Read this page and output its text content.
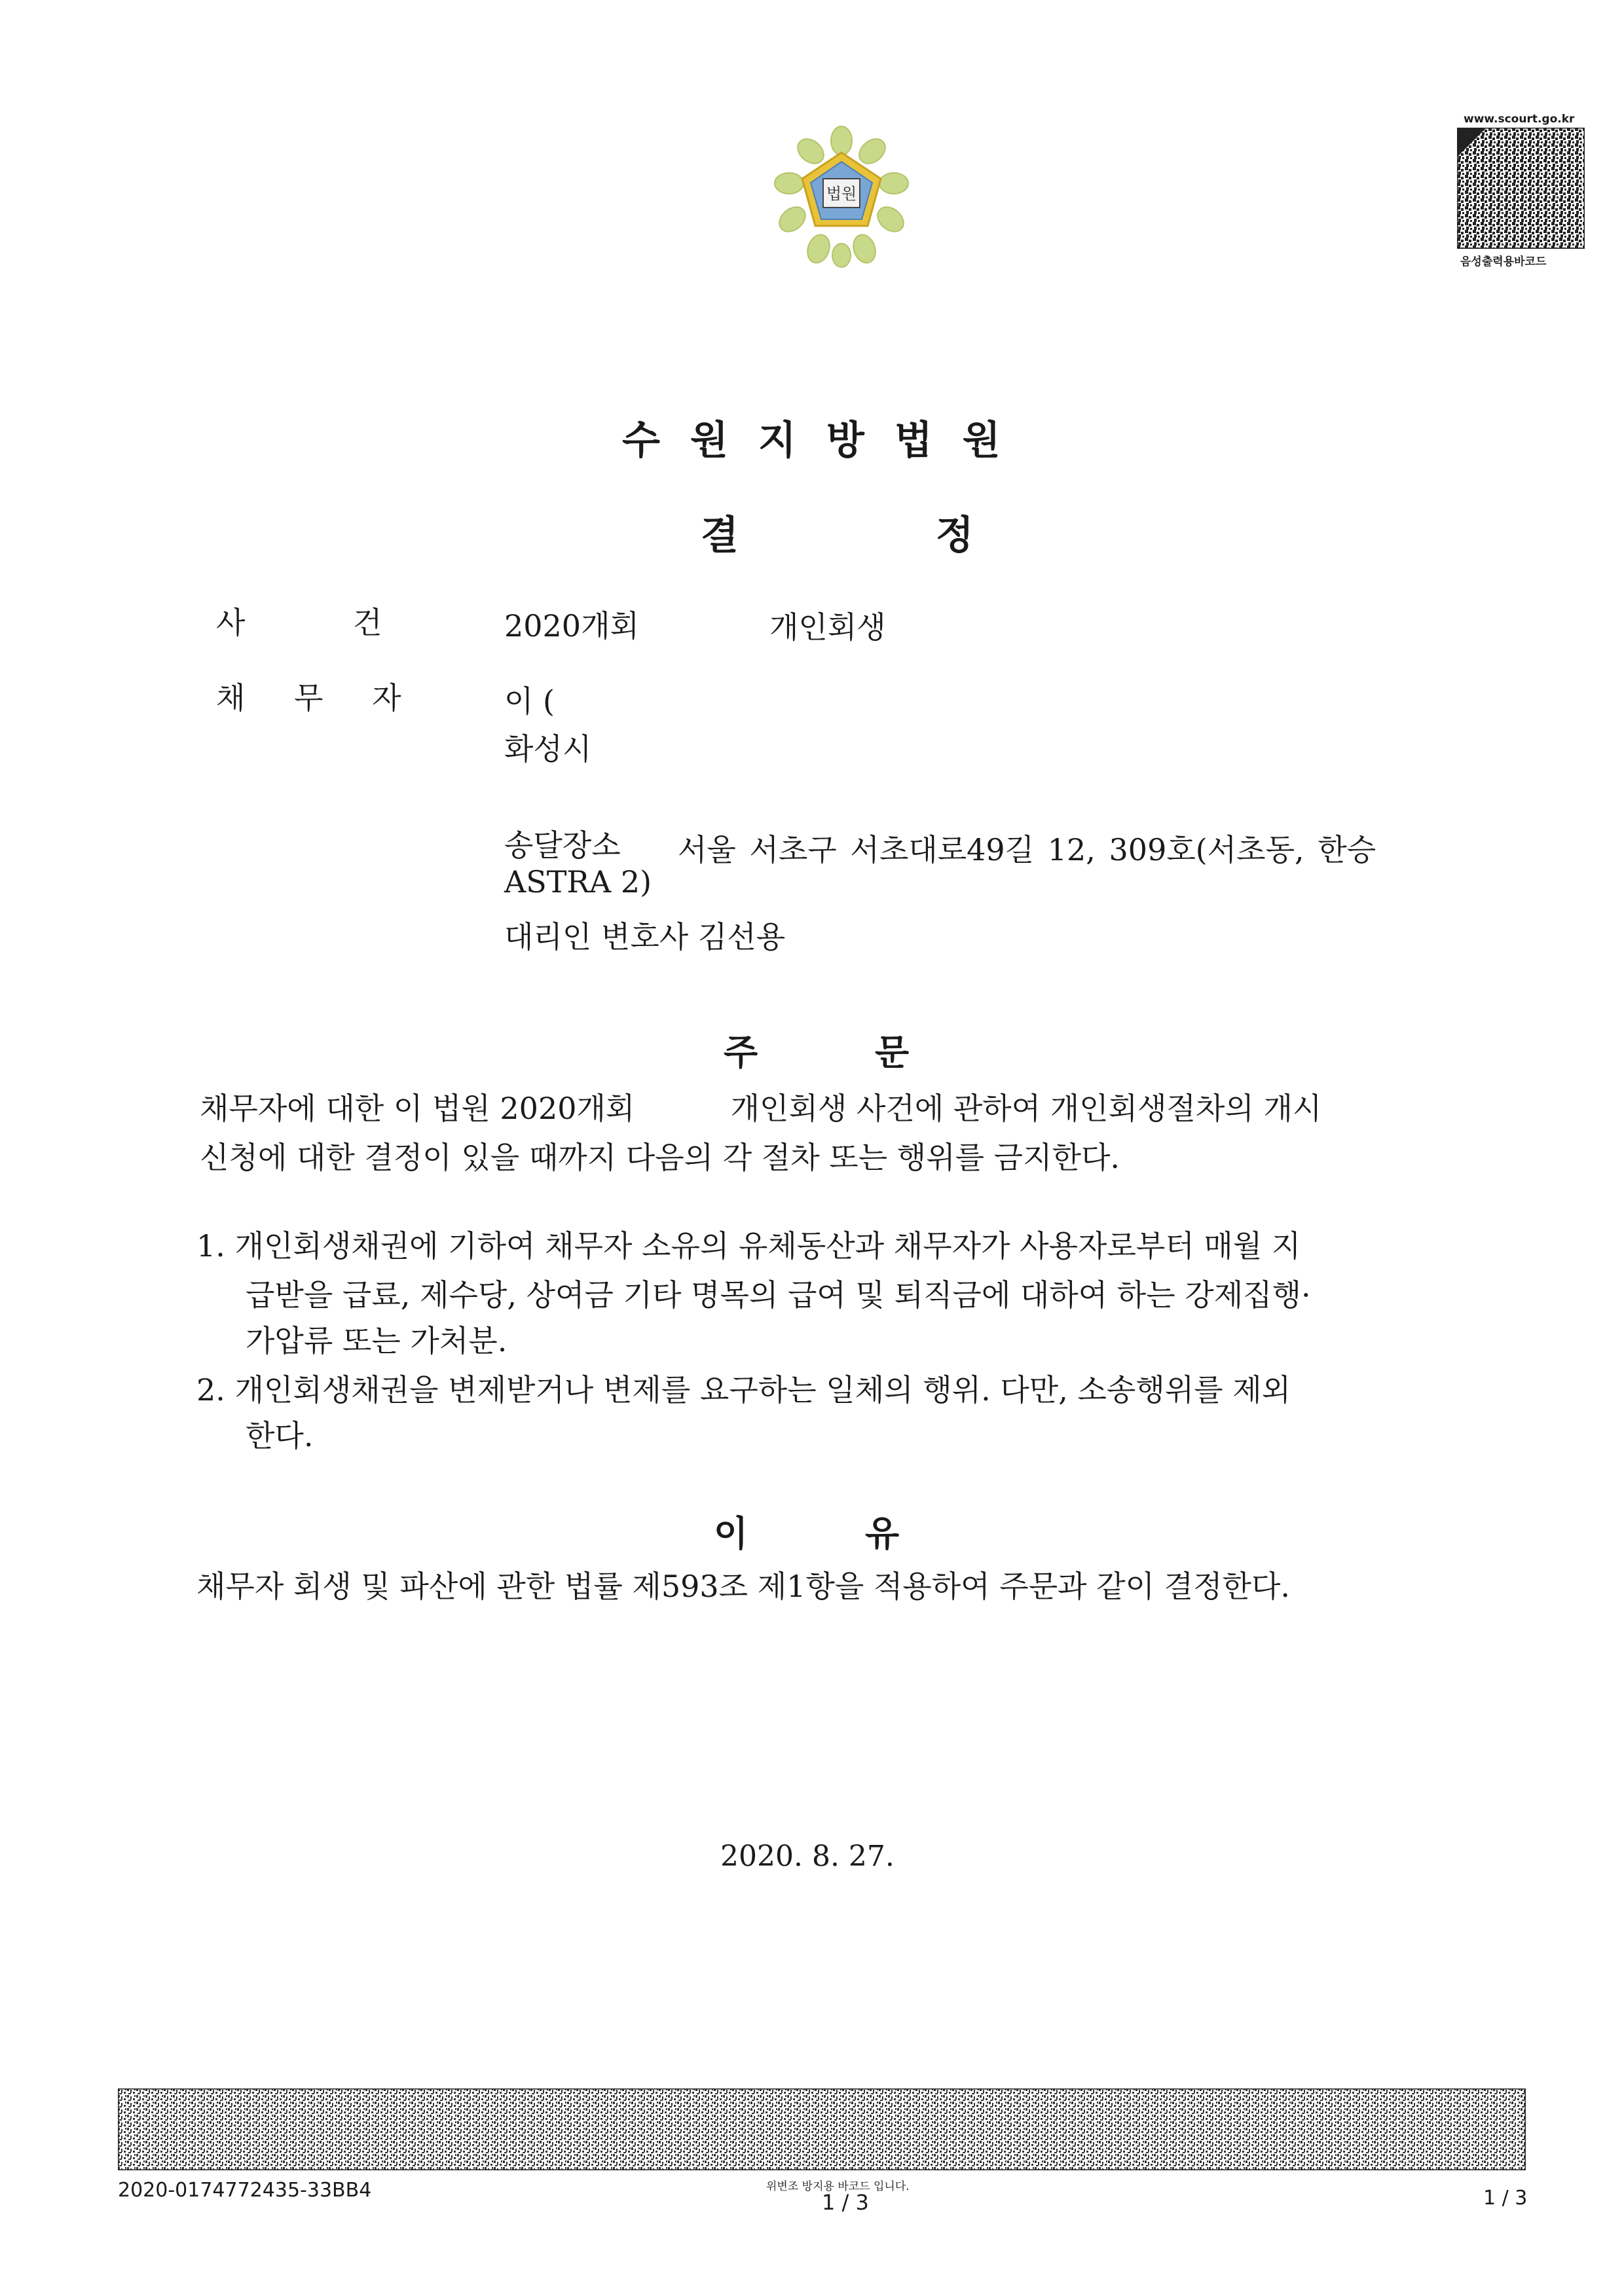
법원
www.scourt.go.kr
음성출력용바코드
수원지방법원
결 정
사 건	2020개회	개인회생
채 무 자	이 (
화성시
송달장소 서울 서초구 서초대로49길 12, 309호(서초동, 한승
ASTRA 2)
대리인 변호사 김선용
주 문
채무자에 대한 이 법원 2020개회          개인회생 사건에 관하여 개인회생절차의 개시
신청에 대한 결정이 있을 때까지 다음의 각 절차 또는 행위를 금지한다.
1. 개인회생채권에 기하여 채무자 소유의 유체동산과 채무자가 사용자로부터 매월 지
급받을 급료, 제수당, 상여금 기타 명목의 급여 및 퇴직금에 대하여 하는 강제집행·
가압류 또는 가처분.
2. 개인회생채권을 변제받거나 변제를 요구하는 일체의 행위. 다만, 소송행위를 제외
한다.
이 유
채무자 회생 및 파산에 관한 법률 제593조 제1항을 적용하여 주문과 같이 결정한다.
2020. 8. 27.
2020-0174772435-33BB4	위변조 방지용 바코드 입니다.
1 / 3	1 / 3
